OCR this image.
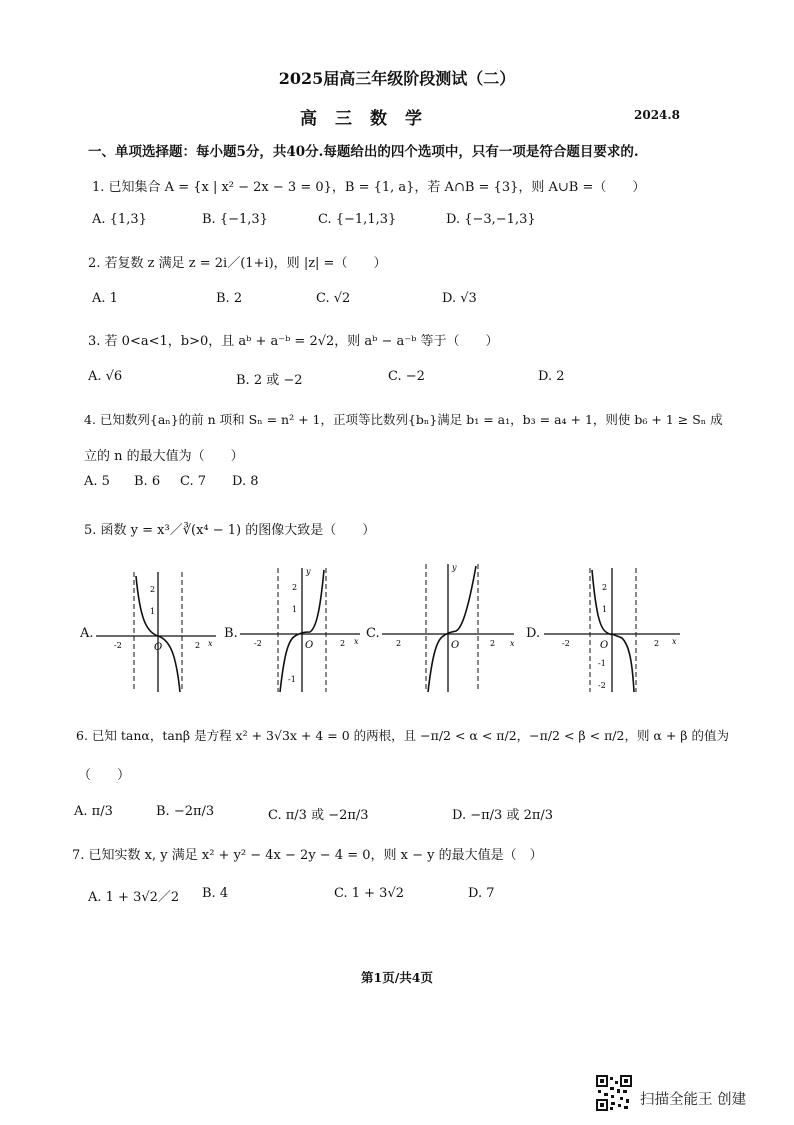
2025届高三年级阶段测试（二）
高三数学	2024.8
一、单项选择题：每小题5分，共40分.每题给出的四个选项中，只有一项是符合题目要求的.
1. 已知集合 A = {x | x² − 2x − 3 = 0}，B = {1, a}，若 A∩B = {3}，则 A∪B =（　　）
A. {1,3}	B. {−1,3}	C. {−1,1,3}	D. {−3,−1,3}
2. 若复数 z 满足 z = 2i／(1+i)，则 |z| =（　　）
A. 1	B. 2	C. √2	D. √3
3. 若 0<a<1，b>0，且 aᵇ + a⁻ᵇ = 2√2，则 aᵇ − a⁻ᵇ 等于（　　）
A. √6	B. 2 或 −2	C. −2	D. 2
4. 已知数列{aₙ}的前 n 项和 Sₙ = n² + 1，正项等比数列{bₙ}满足 b₁ = a₁，b₃ = a₄ + 1，则使 b₆ + 1 ≥ Sₙ 成
立的 n 的最大值为（　　）
A. 5 B. 6 C. 7 D. 8
5. 函数 y = x³／∛(x⁴ − 1) 的图像大致是（　　）
A.
-2	2
2
1
O	x
B.
-2	2
2
1
-1
O
y
x
C.
2	2
O
y
x
D.
-2	2
2
1
-1
-2
O	x
6. 已知 tanα，tanβ 是方程 x² + 3√3x + 4 = 0 的两根，且 −π/2 < α < π/2，−π/2 < β < π/2，则 α + β 的值为
（　　）
A. π/3	B. −2π/3	C. π/3 或 −2π/3	D. −π/3 或 2π/3
7. 已知实数 x, y 满足 x² + y² − 4x − 2y − 4 = 0，则 x − y 的最大值是（　）
A. 1 + 3√2／2 B. 4	C. 1 + 3√2	D. 7
第1页/共4页
扫描全能王 创建
